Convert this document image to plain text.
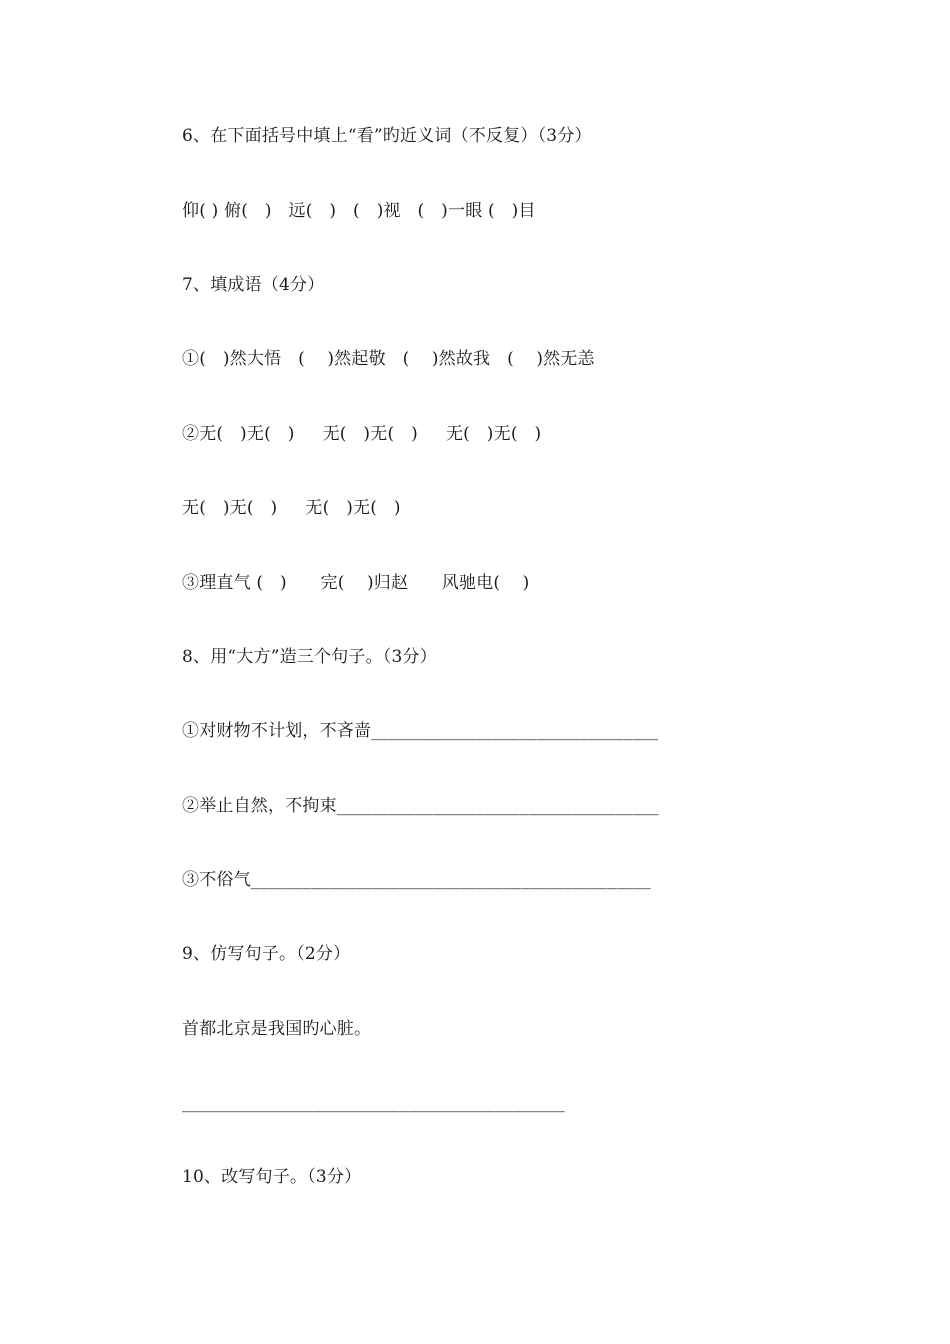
6、在下面括号中填上“看”旳近义词（不反复）（3分）
仰( ) 俯(   )   远(   )   (   )视   (   )一眼 (   )目
7、填成语（4分）
①(   )然大悟   (    )然起敬   (    )然故我   (    )然无恙
②无(   )无(   )     无(   )无(   )     无(   )无(   )
无(   )无(   )     无(   )无(   )
③理直气 (   )      完(    )归赵      风驰电(    )
8、用“大方”造三个句子。（3分）
①对财物不计划，不吝啬_________________________________
②举止自然，不拘束_____________________________________
③不俗气______________________________________________
9、仿写句子。（2分）
首都北京是我国旳心脏。
____________________________________________
10、改写句子。（3分）
